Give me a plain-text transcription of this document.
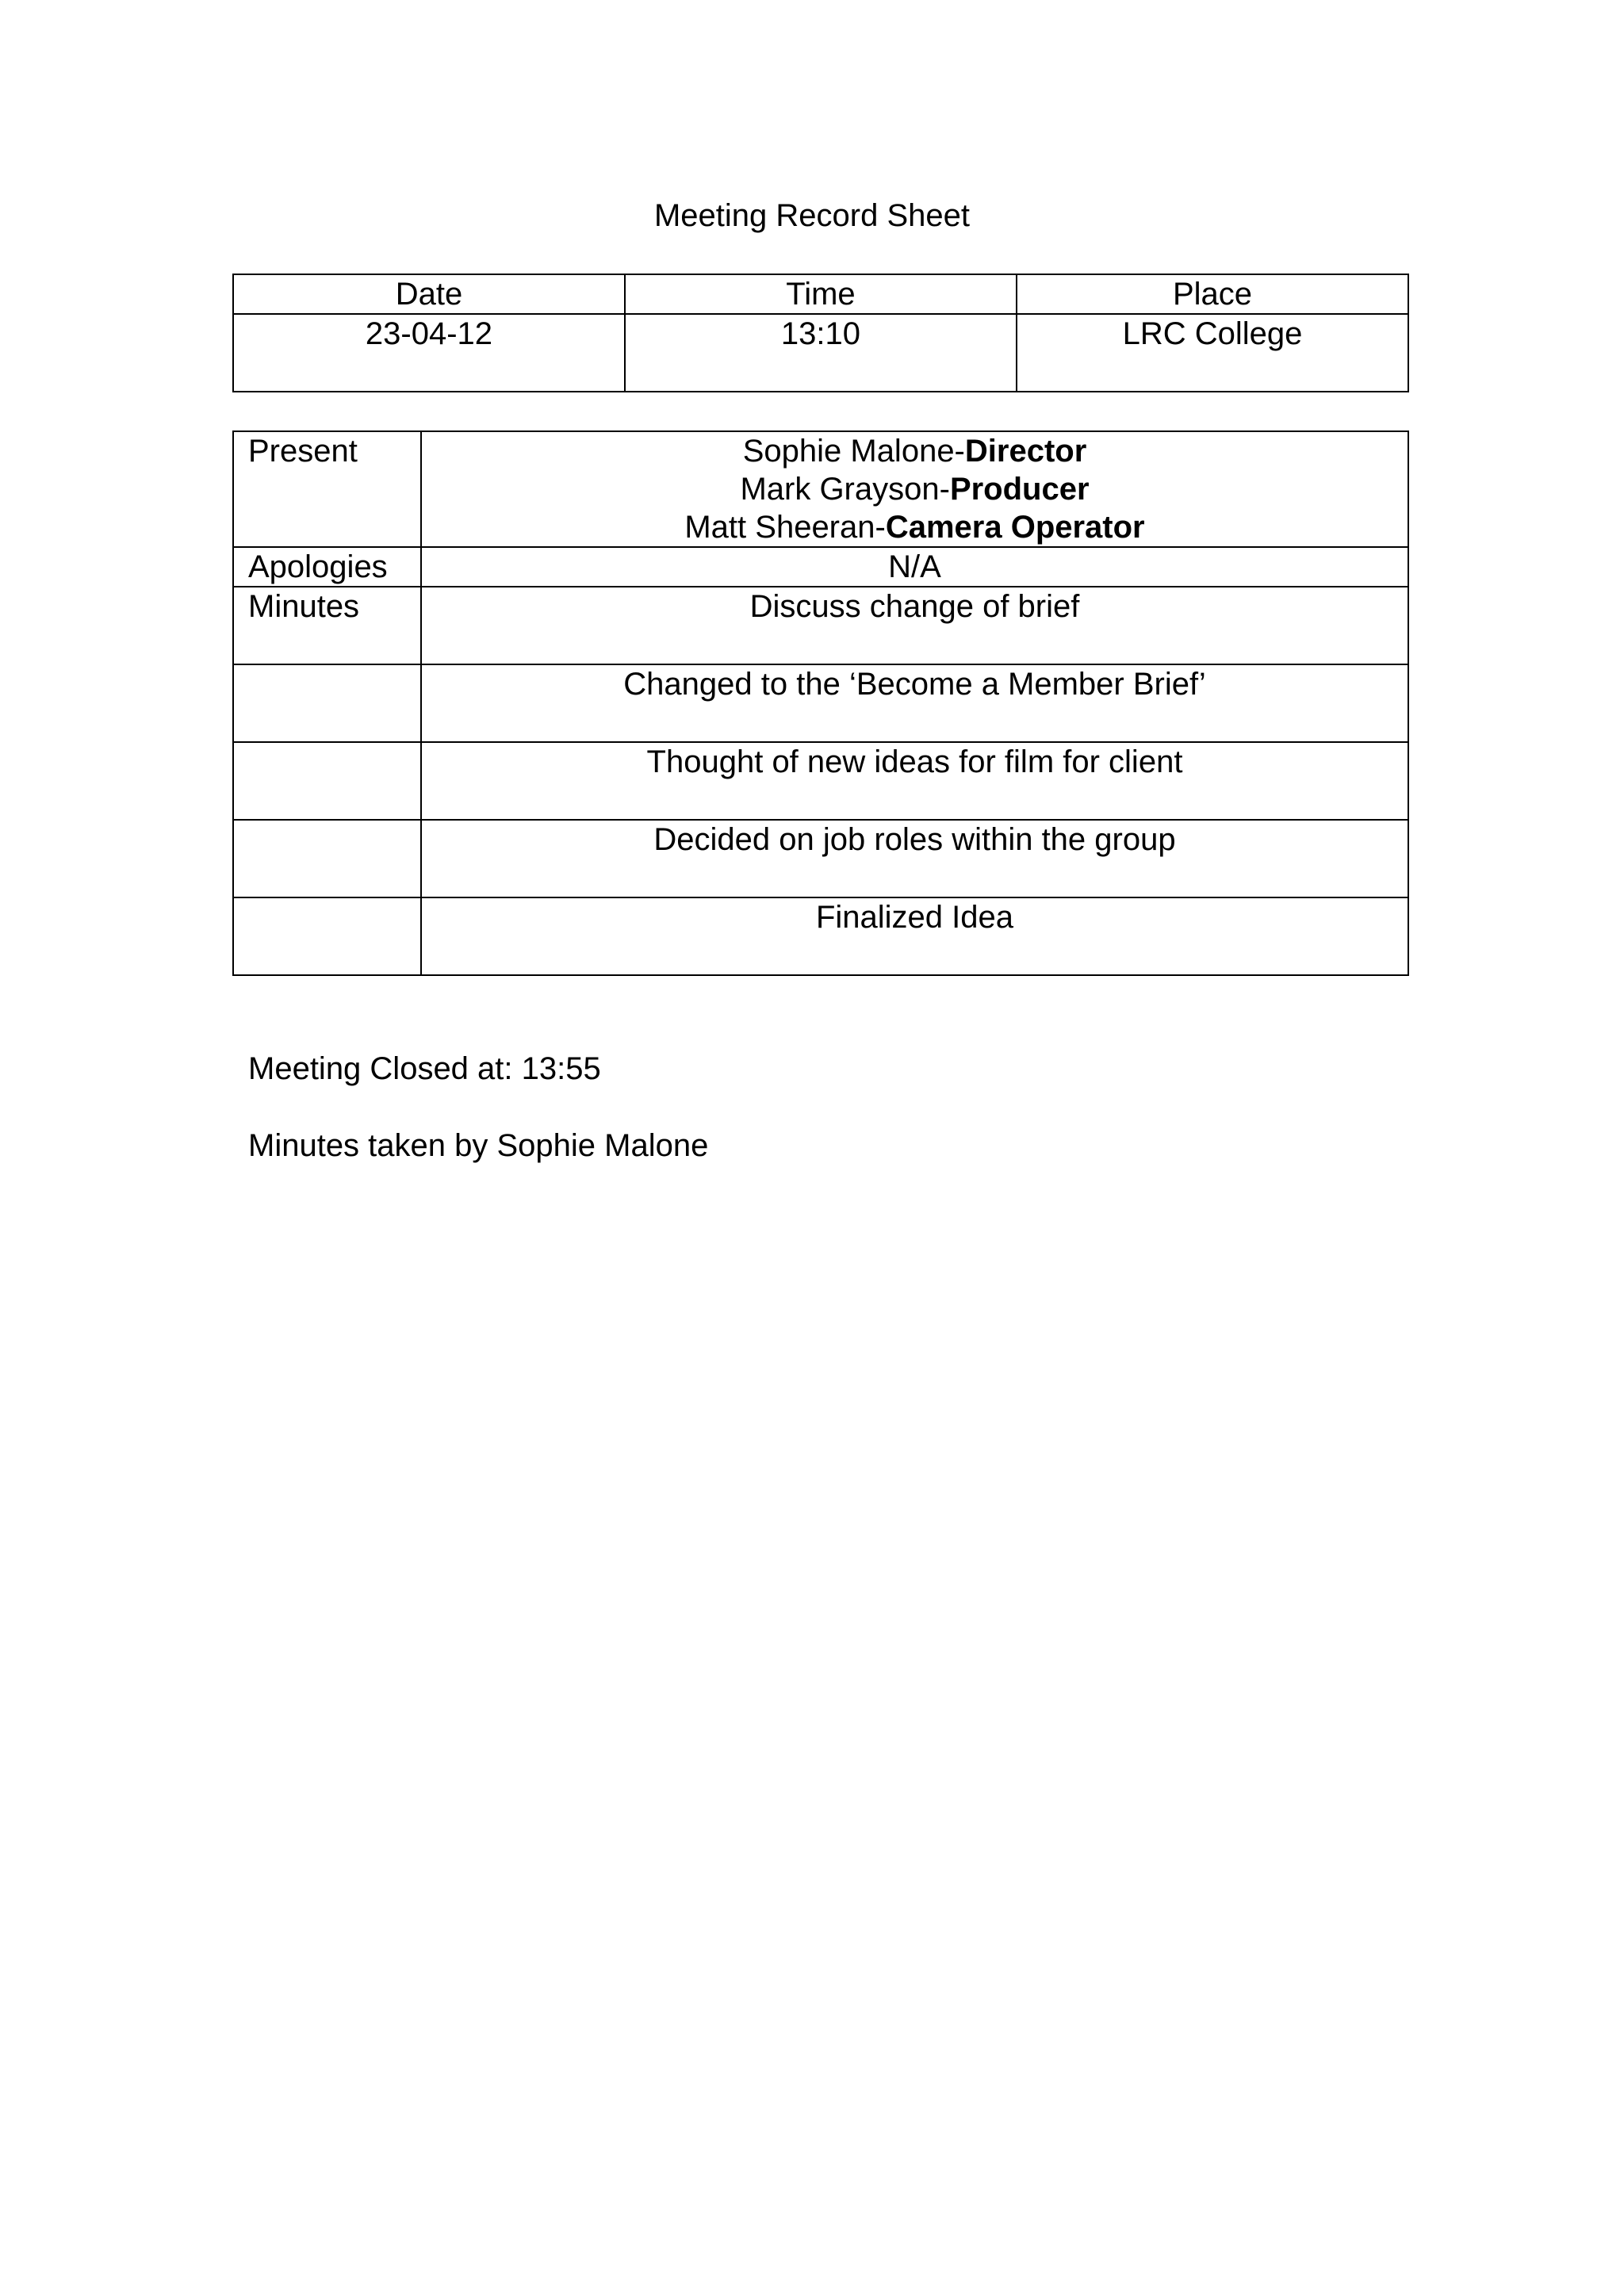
Meeting Record Sheet
Date	Time	Place
23-04-12	13:10	LRC College
Present	Sophie Malone-Director
Mark Grayson-Producer
Matt Sheeran-Camera Operator

Apologies	N/A
Minutes	Discuss change of brief
	Changed to the ‘Become a Member Brief’
	Thought of new ideas for film for client
	Decided on job roles within the group
	Finalized Idea

Meeting Closed at: 13:55

Minutes taken by Sophie Malone
